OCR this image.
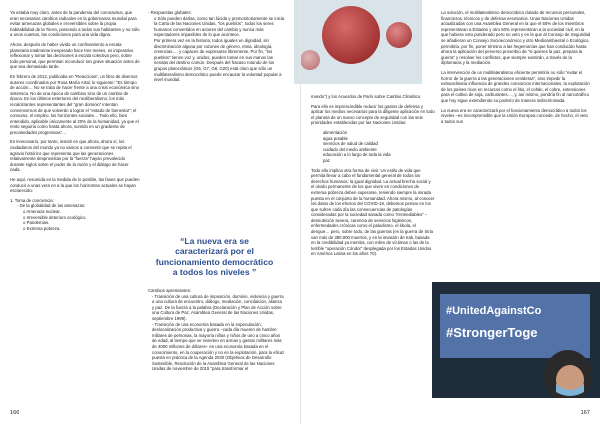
Ya estaba muy claro, antes de la pandemia del coronavirus, que eran necesarios cambios radicales en la gobernanza mundial para evitar amenazas globales e irreversibles sobre la propia habitabilidad de la Tierra, poniendo a todos sus habitantes y no sólo a unos cuantos, las condiciones para una vida digna.

Ahora, después de haber vivido un confinamiento a escala planetaria totalmente inesperado hace tres meses, es imperativo reflexionar y tomar las decisiones a escala colectiva pero, sobre todo personal, que permitan reconducir tan grave situación antes de que sea demasiado tarde.

En febrero de 2012, publicaba en “Reacciona”, un libro de diversos autores coordinados por Rosa María Artal, lo siguiente: “Es tiempo de acción… No se trata de hacer frente a una crisis económica sino sistémica. No de una época de cambios sino de un cambio de época. En los últimos estertores del neoliberalismo, los más recalcitrantes representantes del “gran dominio” intentan convencernos de que volverán a lograr el “estado de bienestar”; el consumo, el empleo, los horizontes sociales… Todo ello, bien entendido, aplicable únicamente al 20% de la humanidad, ya que el resto seguiría como hasta ahora, sumido en un gradiente de precariedades progresivas”…

Es innecesario, por tanto, insistir en que ahora, ahora sí, los ciudadanos del mundo ya no vamos a consentir que se repita el agravio histórico que representa que las generaciones relativamente desprovistas por la “fuerza” hayan prevalecido durante siglos sobre el poder de la razón y el diálogo de hacer nada.

He aquí, resumida en la medida de lo posible, las fases que pueden conducir a unas vera en a la que los horizontes actuales se hayan esclarecido:

1. Toma de conciencia:

- De la globalidad de las amenazas:

o Amenaza nuclear.
o Irreversible deterioro ecológico.
o Pandemias.
o Extrema pobreza.

- Respuestas globales:

o Sólo pueden darlas, como tan lúcida y premonitoriamente se inicia la Carta de las Naciones Unidas, “los pueblos”, todos los seres humanos convertidos en actores del cambio y nunca más espectadores impasibles de lo que acontece.

Por primera vez en la historia, todos iguales en dignidad, sin discriminación alguna por razones de género, etnia, ideología, creencias…, y capaces de expresarse libremente. Por fin, “los pueblos” tienen voz y, unidos, pueden tomar en sus manos las riendas del destino común. Después del fracaso rotundo de los grupos plutocráticos (G6, G7, G8, G20) está claro que sólo un multilateralismo democrático puede encauzar la voluntad popular a nivel mundial.

“La nueva era se caracterizará por el funcionamiento democrático a todos los niveles ”

Cambios apremiantes:

- Transición de una cultura de imposición, dominio, violencia y guerra a una cultura de encuentro, diálogo, mediación, conciliación, alianza y paz. De la fuerza a la palabra (Declaración y Plan de Acción sobre una Cultura de Paz, Asamblea General de las Naciones Unidas, septiembre 1999).

- Transición de una economía basada en la especulación, deslocalización productiva y guerra –cada día mueren de hambre millares de personas, la mayoría niñas y niños de uno a cinco años de edad, al tiempo que se invierten en armas y gastos militares más de 4000 millones de dólares– en una economía basada en el conocimiento, en la cooperación y no en la explotación, para la eficaz puesta en práctica de la Agenda 2030 (Objetivos de Desarrollo Sostenible, Resolución de la Asamblea General de las Naciones Unidas de noviembre de 2015 “para transformar el

166

mundo”) y los Acuerdos de París sobre Cambio Climático.

Para ello es imprescindible reducir los gastos de defensa y aplicar los medios necesarios para la diligente aplicación en todo el planeta de un nuevo concepto de seguridad con las seis prioridades establecidas por las Naciones Unidas:

alimentación
agua potable
servicios de salud de calidad
cuidado del medio ambiente
educación a lo largo de toda la vida
paz

Todo ello implica otra forma de vivir. Un estilo de vida que permita llevar a cabo el fundamental general de todos los derechos humanos: la igual dignidad. La actual brecha social y el olvido permanente de los que viven en condiciones de extrema pobreza deben superarse, teniendo siempre la mirada puesta en el conjunto de la humanidad. Ahora mismo, al conocer los datos de los efectos del COVID-19, debemos pensar en los que sufren cada día las consecuencias de patologías consideradas por la sociedad sanada como “irremediables” –desnutrición severa, carencia de servicios higiénicos, enfermedades crónicas como el paludismo, el ébola, el dengue… pero, sobre todo, de las guerras (en la guerra de Siria van más de 380.000 muertos, y en la invasión de Irak, basada en la credibilidad ya mentira, con miles de víctimas o las de la terrible “operación Cóndor” desplegada por los Estados Unidos en América Latina en los años 70).

La solución, el multilateralismo democrático dotado de recursos personales, financieros, técnicos y de defensa necesarios. Unas Naciones Unidas actualizadas con una Asamblea General en la que el 50% de los miembros representaran a Estados y otro 50% representaran a la sociedad civil, en la que hubiera voto ponderado pero no veto y en la que al Consejo de Seguridad se añadieran un Consejo Socioeconómico y otro Medioambiental o Ecológico, permitiría, por fin, poner término a las hegemonías que han conducido hasta ahora la aplicación del perverso proverbio de “si quieres la paz, prepara la guerra” y resolver los conflictos, que siempre existirán, a través de la diplomacia y la mediación.

La intervención de un multilateralismo eficiente permitiría no sólo “evitar el horror de la guerra a las generaciones venideras”, sino impedir la extraordinaria influencia de grandes consorcios internacionales, la explotación de los países ricos en recursos como el litio, el coltán, el cobre, extensiones para el cultivo de soja, carburantes…, y, así mismo, pondría fin al narcotráfico que hoy sigue extendiendo su poderío de manera indiscriminada.

La nueva era se caracterizará por el funcionamiento democrático a todos los niveles –es incomprensible que la Unión Europea concede, de hecho, el veto a todos sus

167
#UnitedAgainstCo
#StrongerToge
